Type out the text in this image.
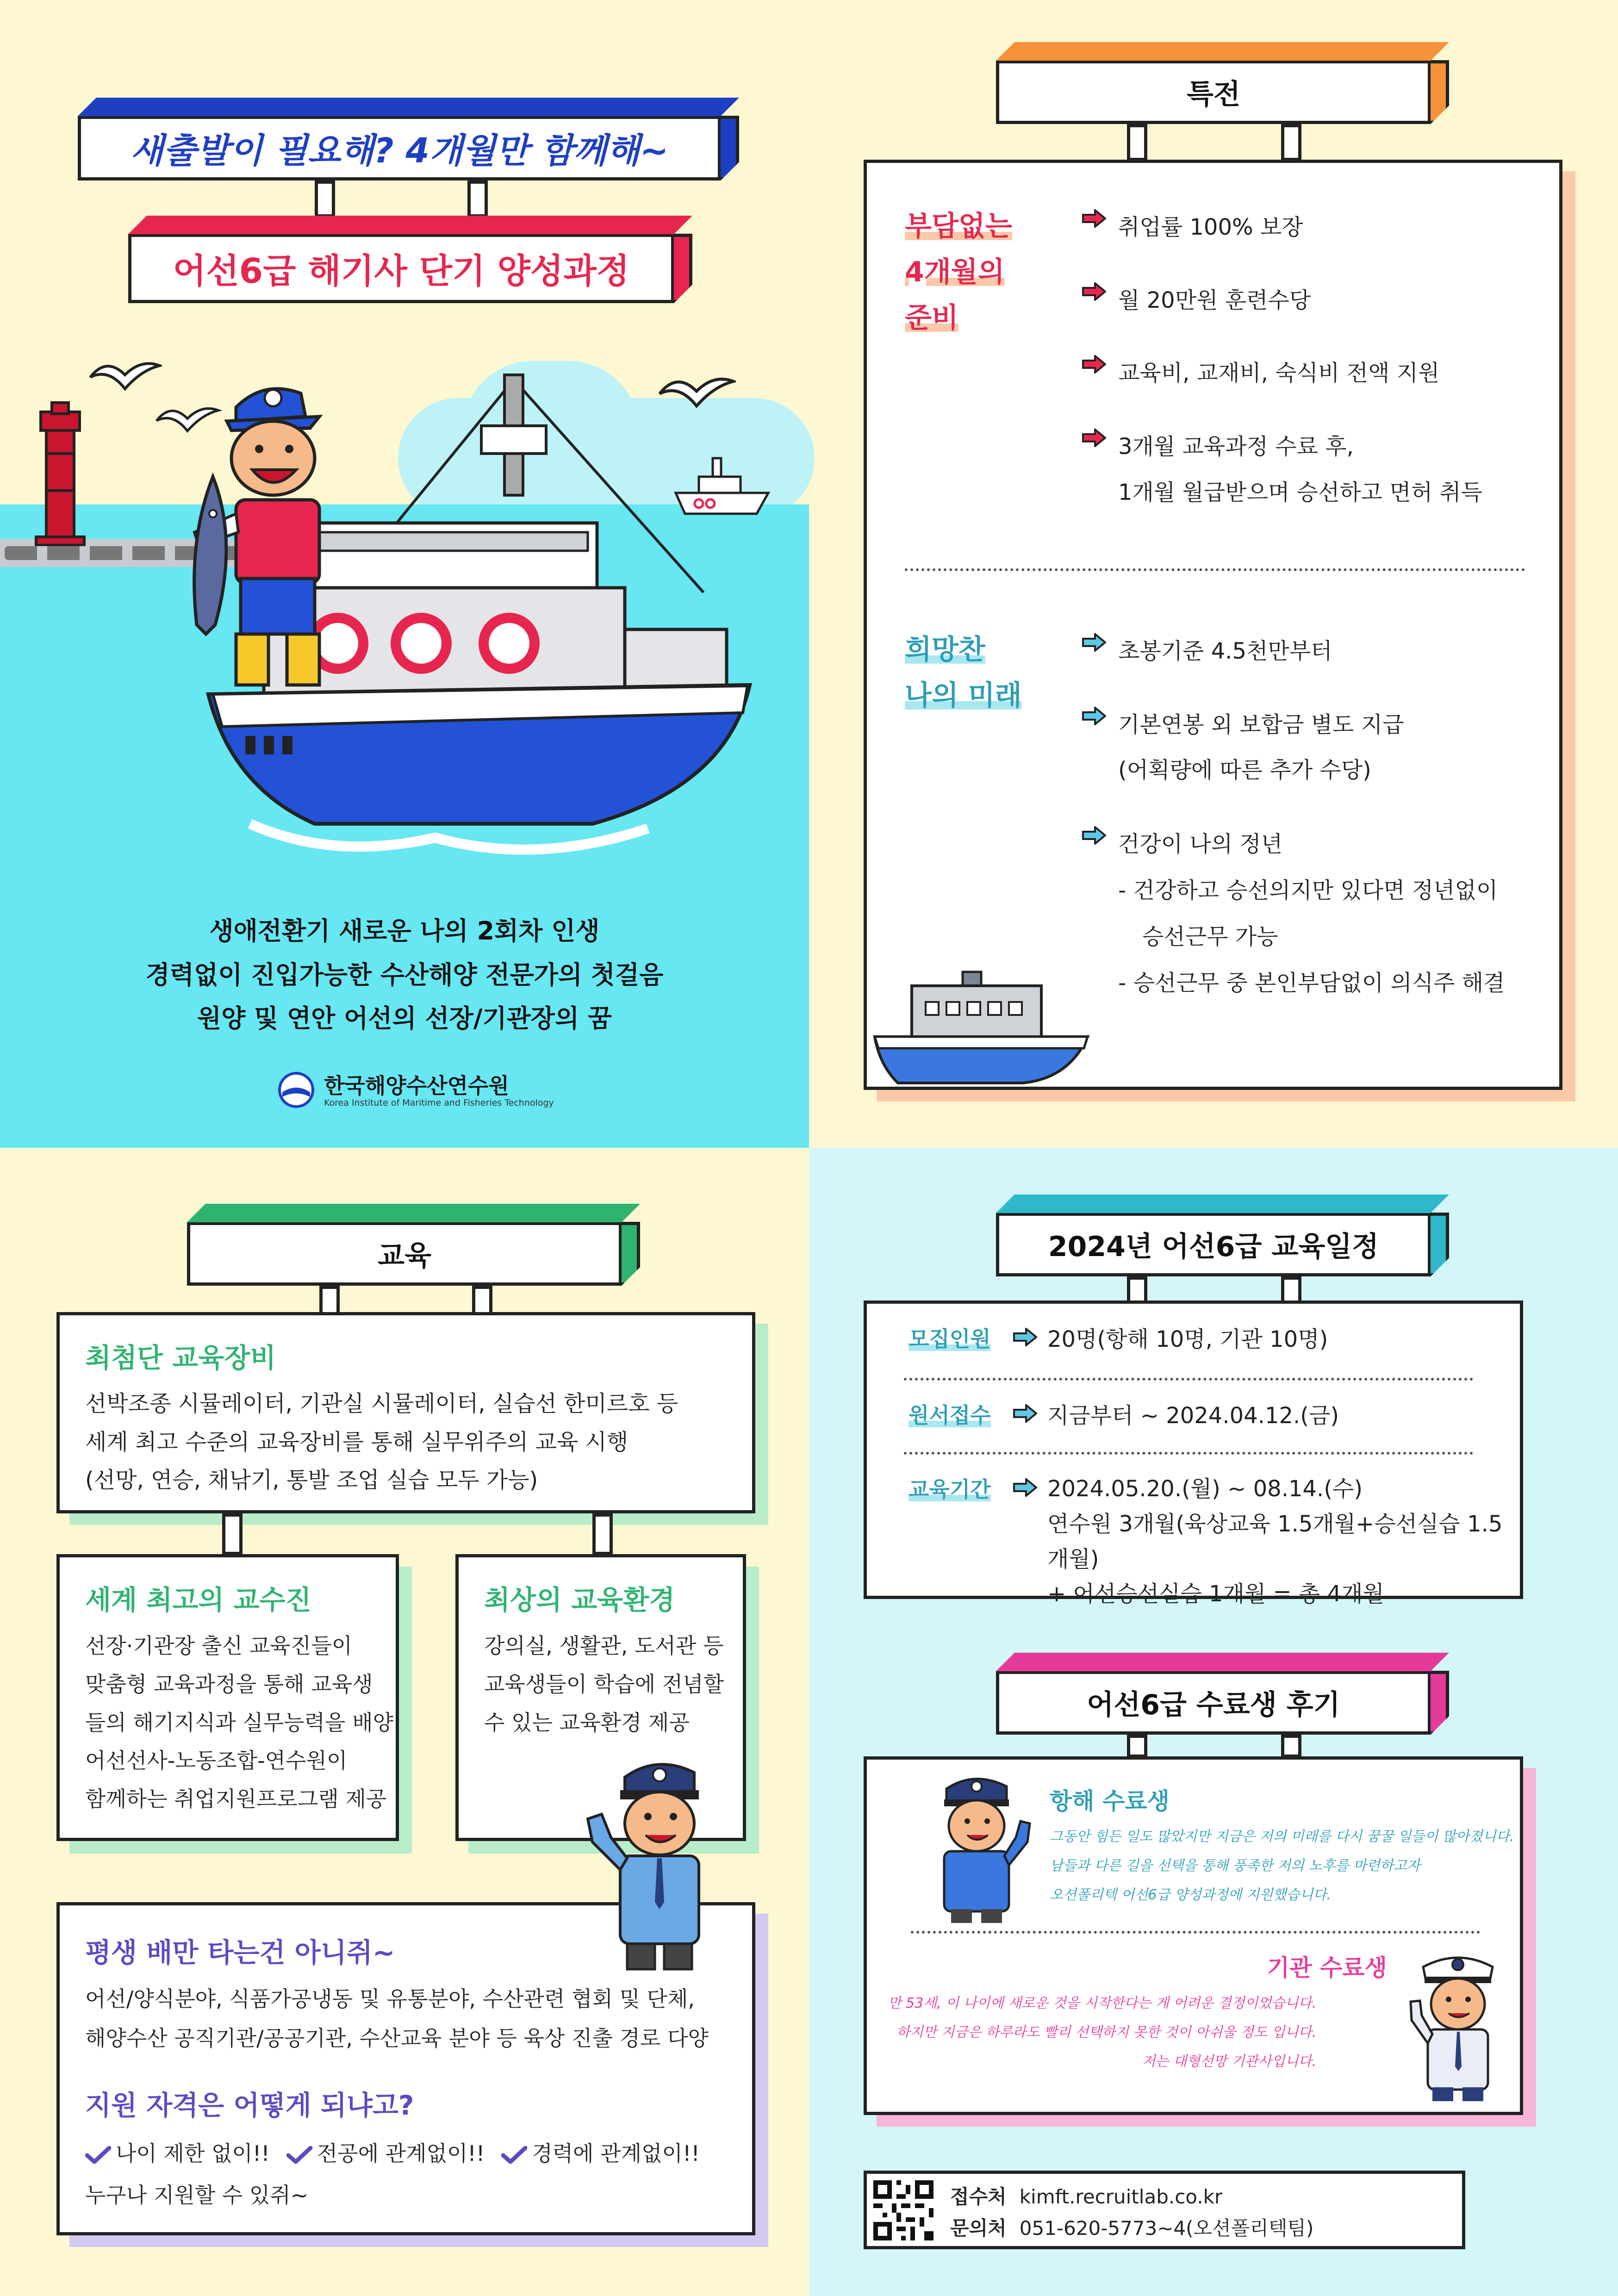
새출발이 필요해? 4개월만 함께해~
어선6급 해기사 단기 양성과정
생애전환기 새로운 나의 2회차 인생
경력없이 진입가능한 수산해양 전문가의 첫걸음
원양 및 연안 어선의 선장/기관장의 꿈
한국해양수산연수원
Korea Institute of Maritime and Fisheries Technology
특전
부담없는
4개월의
준비
취업률 100% 보장
월 20만원 훈련수당
교육비, 교재비, 숙식비 전액 지원
3개월 교육과정 수료 후,
1개월 월급받으며 승선하고 면허 취득
희망찬
나의 미래
초봉기준 4.5천만부터
기본연봉 외 보합금 별도 지급
(어획량에 따른 추가 수당)
건강이 나의 정년
- 건강하고 승선의지만 있다면 정년없이
승선근무 가능
- 승선근무 중 본인부담없이 의식주 해결
교육
최첨단 교육장비
선박조종 시뮬레이터, 기관실 시뮬레이터, 실습선 한미르호 등
세계 최고 수준의 교육장비를 통해 실무위주의 교육 시행
(선망, 연승, 채낚기, 통발 조업 실습 모두 가능)
세계 최고의 교수진
선장·기관장 출신 교육진들이
맞춤형 교육과정을 통해 교육생
들의 해기지식과 실무능력을 배양
어선선사-노동조합-연수원이
함께하는 취업지원프로그램 제공
최상의 교육환경
강의실, 생활관, 도서관 등
교육생들이 학습에 전념할
수 있는 교육환경 제공
평생 배만 타는건 아니쥐~
어선/양식분야, 식품가공냉동 및 유통분야, 수산관련 협회 및 단체,
해양수산 공직기관/공공기관, 수산교육 분야 등 육상 진출 경로 다양
지원 자격은 어떻게 되냐고?
나이 제한 없이!!	전공에 관계없이!!	경력에 관계없이!!
누구나 지원할 수 있쥐~
2024년 어선6급 교육일정
모집인원	20명(항해 10명, 기관 10명)
원서접수	지금부터 ~ 2024.04.12.(금)
교육기간	2024.05.20.(월) ~ 08.14.(수)
연수원 3개월(육상교육 1.5개월+승선실습 1.5개월)
+ 어선승선실습 1개월 = 총 4개월
어선6급 수료생 후기
항해 수료생
그동안 힘든 일도 많았지만 지금은 저의 미래를 다시 꿈꿀 일들이 많아졌니다.
남들과 다른 길을 선택을 통해 풍족한 저의 노후를 마련하고자
오션폴리텍 어선6급 양성과정에 지원했습니다.
기관 수료생
만 53세, 이 나이에 새로운 것을 시작한다는 게 어려운 결정이었습니다.
하지만 지금은 하루라도 빨리 선택하지 못한 것이 아쉬울 정도 입니다.
저는 대형선망 기관사입니다.
접수처 kimft.recruitlab.co.kr
문의처 051-620-5773~4(오션폴리텍팀)
